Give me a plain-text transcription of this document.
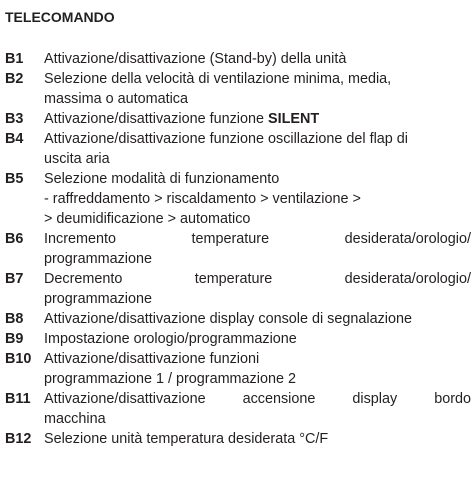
TELECOMANDO
B1	Attivazione/disattivazione (Stand-by) della unità
B2	Selezione della velocità di ventilazione minima, media,
massima o automatica
B3	Attivazione/disattivazione funzione SILENT
B4	Attivazione/disattivazione funzione oscillazione del flap di
uscita aria
B5	Selezione modalità di funzionamento
- raffreddamento > riscaldamento > ventilazione >
> deumidificazione > automatico
B6	Incremento temperature desiderata/orologio/
programmazione
B7	Decremento temperature desiderata/orologio/
programmazione
B8	Attivazione/disattivazione display console di segnalazione
B9	Impostazione orologio/programmazione
B10 Attivazione/disattivazione funzioni
programmazione 1 / programmazione 2
B11 Attivazione/disattivazione accensione display bordo
macchina
B12 Selezione unità temperatura desiderata °C/F
